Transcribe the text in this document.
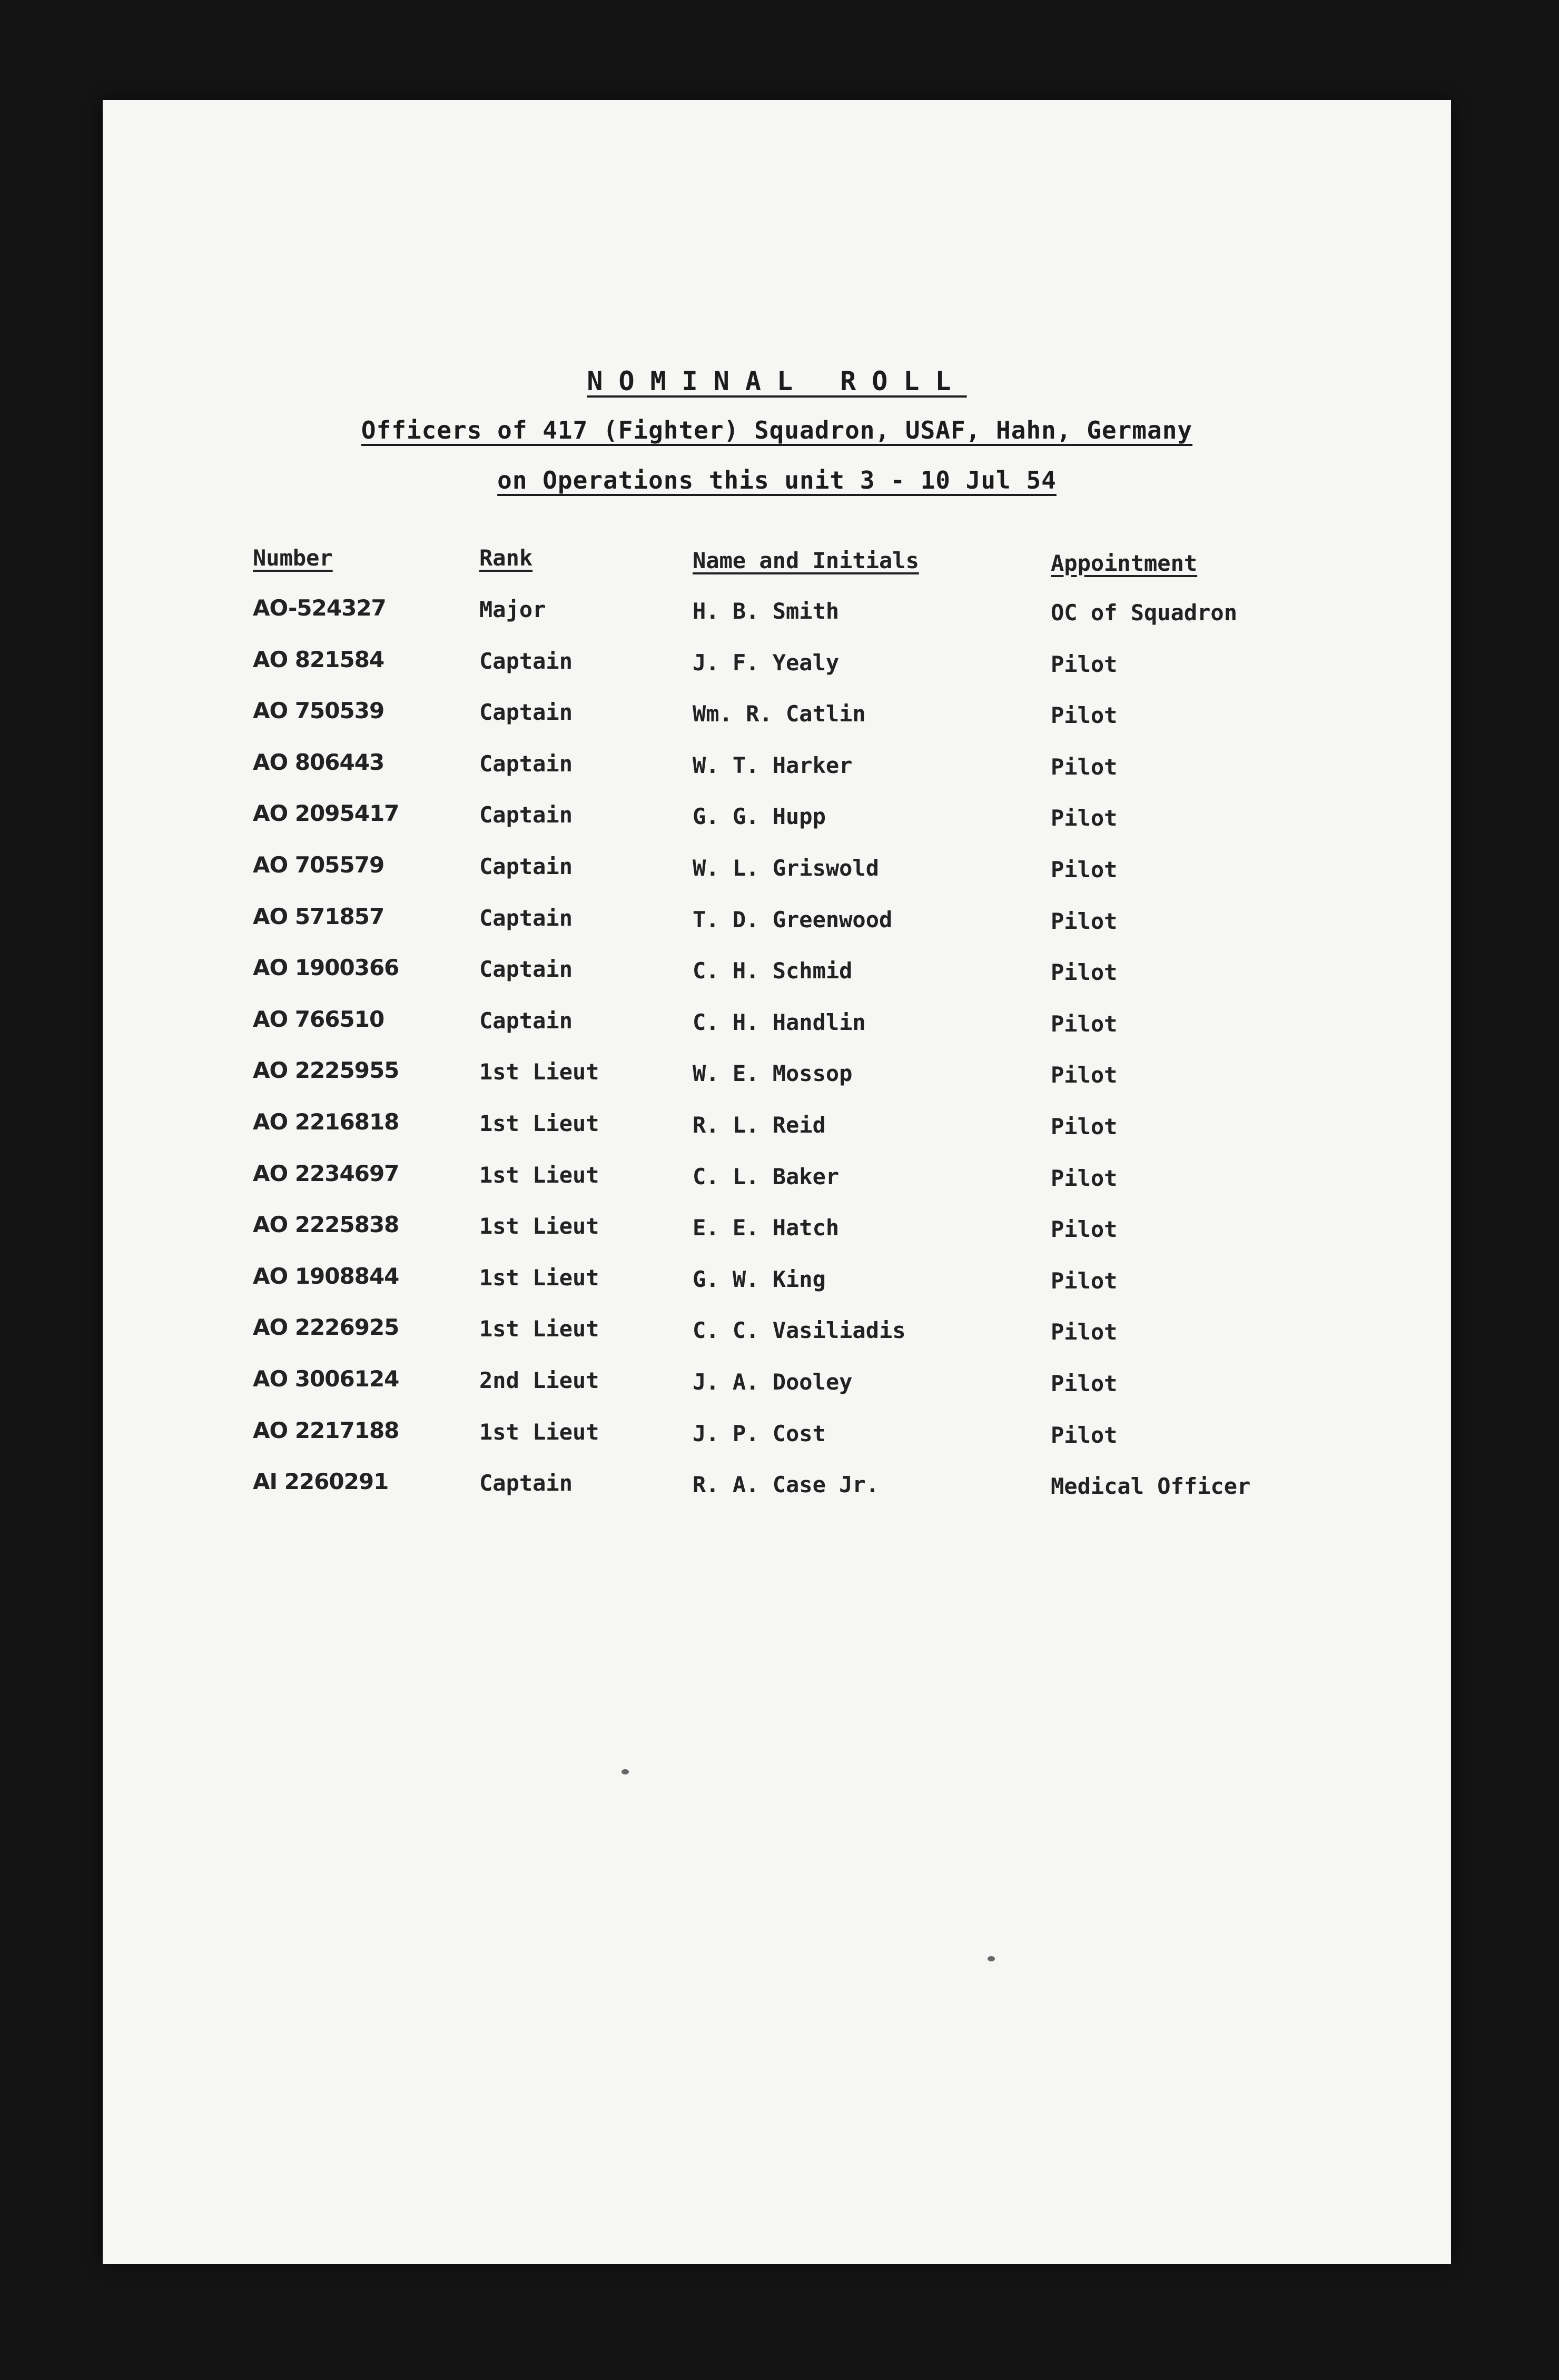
NOMINAL ROLL
Officers of 417 (Fighter) Squadron, USAF, Hahn, Germany
on Operations this unit 3 - 10 Jul 54
Number	Rank	Name and Initials	Appointment
AO-524327	Major	H. B. Smith	OC of Squadron
AO 821584	Captain	J. F. Yealy	Pilot
AO 750539	Captain	Wm. R. Catlin	Pilot
AO 806443	Captain	W. T. Harker	Pilot
AO 2095417	Captain	G. G. Hupp	Pilot
AO 705579	Captain	W. L. Griswold	Pilot
AO 571857	Captain	T. D. Greenwood	Pilot
AO 1900366	Captain	C. H. Schmid	Pilot
AO 766510	Captain	C. H. Handlin	Pilot
AO 2225955	1st Lieut	W. E. Mossop	Pilot
AO 2216818	1st Lieut	R. L. Reid	Pilot
AO 2234697	1st Lieut	C. L. Baker	Pilot
AO 2225838	1st Lieut	E. E. Hatch	Pilot
AO 1908844	1st Lieut	G. W. King	Pilot
AO 2226925	1st Lieut	C. C. Vasiliadis	Pilot
AO 3006124	2nd Lieut	J. A. Dooley	Pilot
AO 2217188	1st Lieut	J. P. Cost	Pilot
AI 2260291	Captain	R. A. Case Jr.	Medical Officer
